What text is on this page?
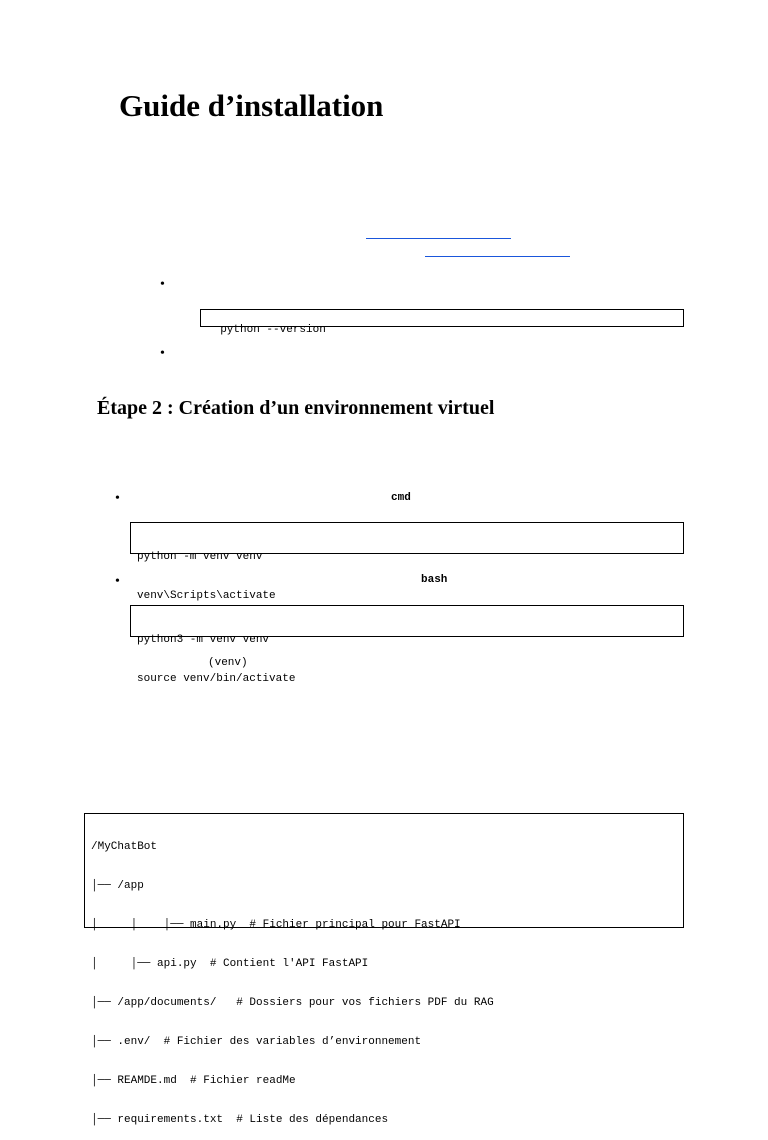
Guide d’installation
•

python --version

•
Étape 2 : Création d’un environnement virtuel
•	cmd

python -m venv venv

venv\Scripts\activate

•	bash

python3 -m venv venv

source venv/bin/activate

(venv)

/MyChatBot

│── /app

│     │    │── main.py  # Fichier principal pour FastAPI

│     │── api.py  # Contient l'API FastAPI

│── /app/documents/   # Dossiers pour vos fichiers PDF du RAG

│── .env/  # Fichier des variables d’environnement

│── REAMDE.md  # Fichier readMe

│── requirements.txt  # Liste des dépendances
